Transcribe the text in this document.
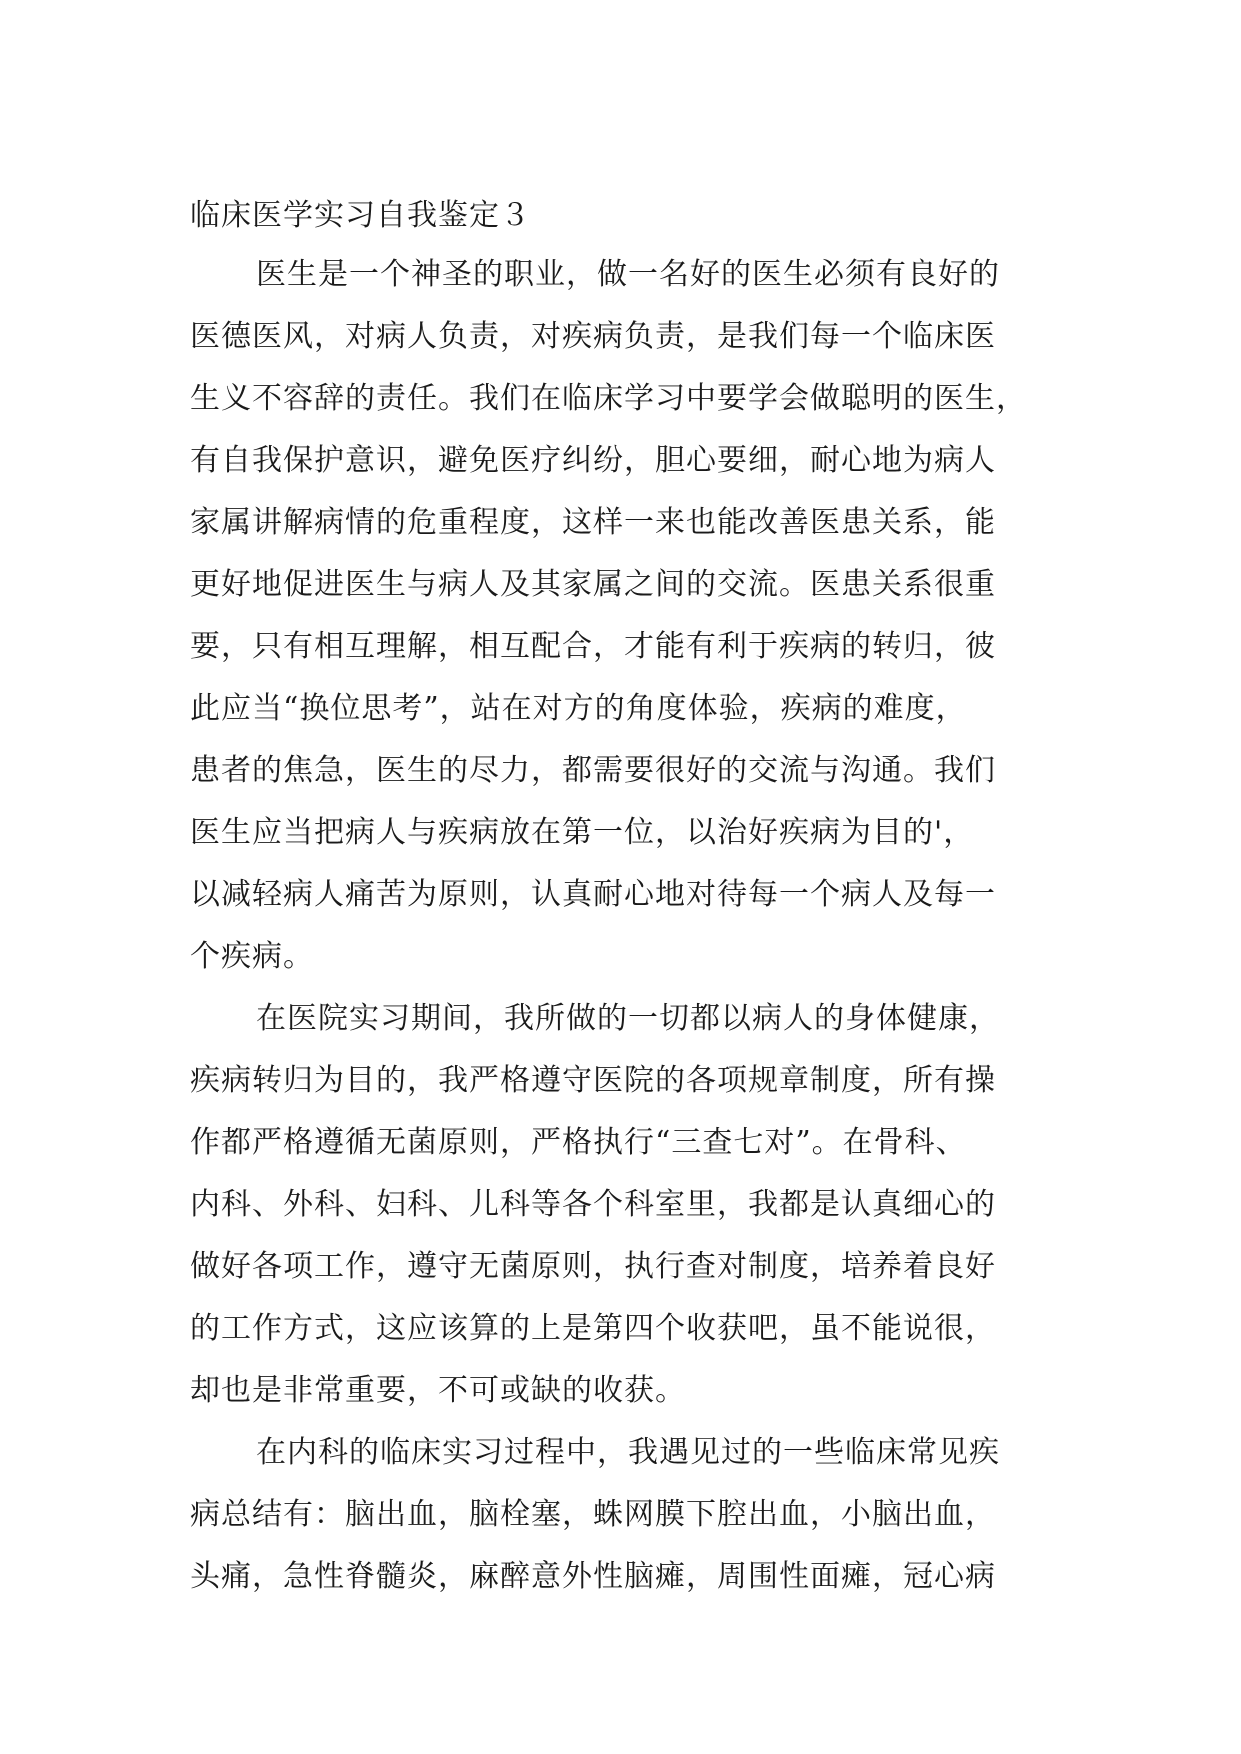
临床医学实习自我鉴定３
医生是一个神圣的职业，做一名好的医生必须有良好的
医德医风，对病人负责，对疾病负责，是我们每一个临床医
生义不容辞的责任。我们在临床学习中要学会做聪明的医生，
有自我保护意识，避免医疗纠纷，胆心要细，耐心地为病人
家属讲解病情的危重程度，这样一来也能改善医患关系，能
更好地促进医生与病人及其家属之间的交流。医患关系很重
要，只有相互理解，相互配合，才能有利于疾病的转归，彼
此应当“换位思考”，站在对方的角度体验，疾病的难度，
患者的焦急，医生的尽力，都需要很好的交流与沟通。我们
医生应当把病人与疾病放在第一位，以治好疾病为目的'，
以减轻病人痛苦为原则，认真耐心地对待每一个病人及每一
个疾病。
在医院实习期间，我所做的一切都以病人的身体健康，
疾病转归为目的，我严格遵守医院的各项规章制度，所有操
作都严格遵循无菌原则，严格执行“三查七对”。在骨科、
内科、外科、妇科、儿科等各个科室里，我都是认真细心的
做好各项工作，遵守无菌原则，执行查对制度，培养着良好
的工作方式，这应该算的上是第四个收获吧，虽不能说很，
却也是非常重要，不可或缺的收获。
在内科的临床实习过程中，我遇见过的一些临床常见疾
病总结有：脑出血，脑栓塞，蛛网膜下腔出血，小脑出血，
头痛，急性脊髓炎，麻醉意外性脑瘫，周围性面瘫，冠心病
